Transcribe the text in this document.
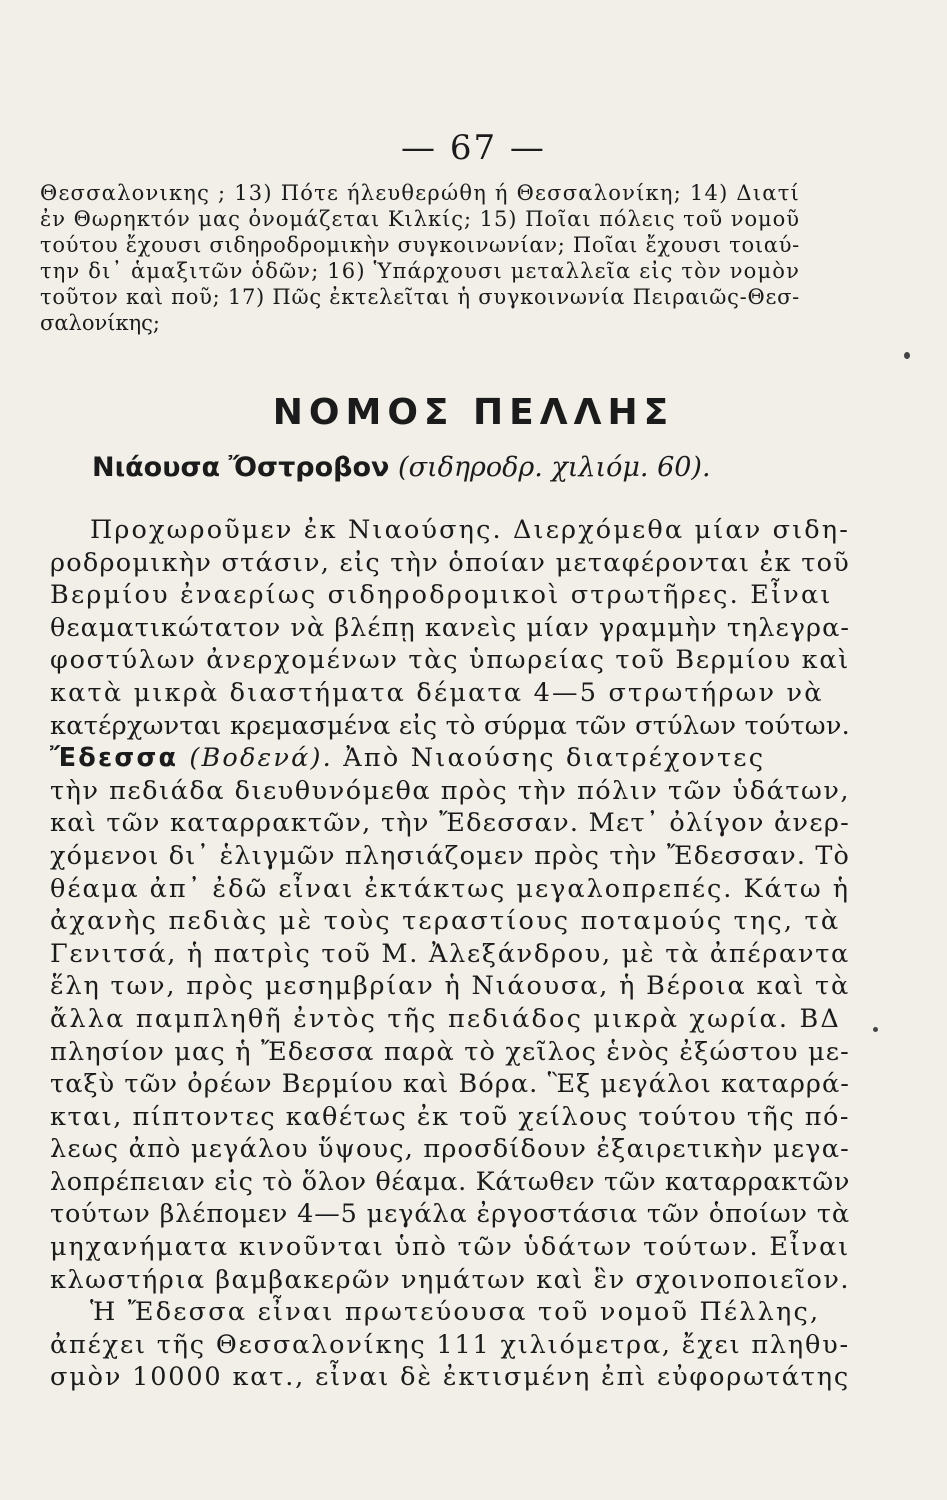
— 67 —
Θεσσαλονικης ; 13) Πότε ήλευθερώθη ή Θεσσαλονίκη; 14) Διατί
ἐν Θωρηκτόν μας ὀνομάζεται Κιλκίς; 15) Ποῖαι πόλεις τοῦ νομοῦ
τούτου ἔχουσι σιδηροδρομικὴν συγκοινωνίαν; Ποῖαι ἔχουσι τοιαύ-
την δι᾽ ἁμαξιτῶν ὁδῶν; 16) Ὑπάρχουσι μεταλλεῖα εἰς τὸν νομὸν
τοῦτον καὶ ποῦ; 17) Πῶς ἐκτελεῖται ἡ συγκοινωνία Πειραιῶς-Θεσ-
σαλονίκης;
ΝΟΜΟΣ ΠΕΛΛΗΣ
Νιάουσα Ὄστροβον (σιδηροδρ. χιλιόμ. 60).
Προχωροῦμεν ἐκ Νιαούσης. Διερχόμεθα μίαν σιδη-
ροδρομικὴν στάσιν, εἰς τὴν ὁποίαν μεταφέρονται ἐκ τοῦ
Βερμίου ἐναερίως σιδηροδρομικοὶ στρωτῆρες. Εἶναι
θεαματικώτατον νὰ βλέπῃ κανεὶς μίαν γραμμὴν τηλεγρα-
φοστύλων ἀνερχομένων τὰς ὑπωρείας τοῦ Βερμίου καὶ
κατὰ μικρὰ διαστήματα δέματα 4—5 στρωτήρων νὰ
κατέρχωνται κρεμασμένα εἰς τὸ σύρμα τῶν στύλων τούτων.
Ἔδεσσα (Βοδενά). Ἀπὸ Νιαούσης διατρέχοντες
τὴν πεδιάδα διευθυνόμεθα πρὸς τὴν πόλιν τῶν ὑδάτων,
καὶ τῶν καταρρακτῶν, τὴν Ἔδεσσαν. Μετ᾽ ὀλίγον ἀνερ-
χόμενοι δι᾽ ἑλιγμῶν πλησιάζομεν πρὸς τὴν Ἔδεσσαν. Τὸ
θέαμα ἀπ᾽ ἐδῶ εἶναι ἐκτάκτως μεγαλοπρεπές. Κάτω ἡ
ἀχανὴς πεδιὰς μὲ τοὺς τεραστίους ποταμούς της, τὰ
Γενιτσά, ἡ πατρὶς τοῦ Μ. Ἀλεξάνδρου, μὲ τὰ ἀπέραντα
ἕλη των, πρὸς μεσημβρίαν ἡ Νιάουσα, ἡ Βέροια καὶ τὰ
ἄλλα παμπληθῆ ἐντὸς τῆς πεδιάδος μικρὰ χωρία. ΒΔ
πλησίον μας ἡ Ἔδεσσα παρὰ τὸ χεῖλος ἑνὸς ἐξώστου με-
ταξὺ τῶν ὀρέων Βερμίου καὶ Βόρα. Ἓξ μεγάλοι καταρρά-
κται, πίπτοντες καθέτως ἐκ τοῦ χείλους τούτου τῆς πό-
λεως ἀπὸ μεγάλου ὕψους, προσδίδουν ἐξαιρετικὴν μεγα-
λοπρέπειαν εἰς τὸ ὅλον θέαμα. Κάτωθεν τῶν καταρρακτῶν
τούτων βλέπομεν 4—5 μεγάλα ἐργοστάσια τῶν ὁποίων τὰ
μηχανήματα κινοῦνται ὑπὸ τῶν ὑδάτων τούτων. Εἶναι
κλωστήρια βαμβακερῶν νημάτων καὶ ἓν σχοινοποιεῖον.
Ἡ Ἔδεσσα εἶναι πρωτεύουσα τοῦ νομοῦ Πέλλης,
ἀπέχει τῆς Θεσσαλονίκης 111 χιλιόμετρα, ἔχει πληθυ-
σμὸν 10000 κατ., εἶναι δὲ ἐκτισμένη ἐπὶ εὐφορωτάτης
